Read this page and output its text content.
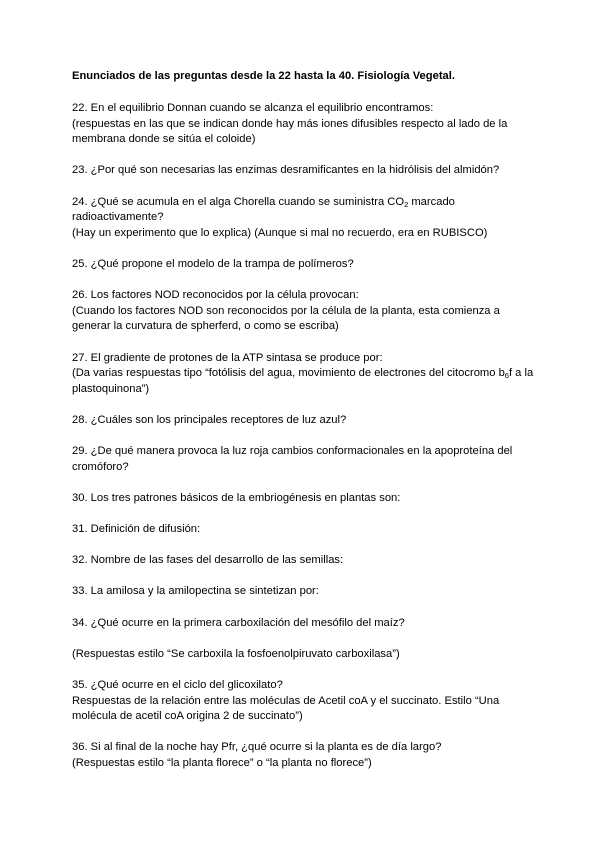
Enunciados de las preguntas desde la 22 hasta la 40. Fisiología Vegetal.

22. En el equilibrio Donnan cuando se alcanza el equilibrio encontramos:

(respuestas en las que se indican donde hay más iones difusibles respecto al lado de la membrana donde se sitúa el coloide)

23. ¿Por qué son necesarias las enzimas desramificantes en la hidrólisis del almidón?

24. ¿Qué se acumula en el alga Chorella cuando se suministra $CO_2$ marcado radioactivamente?

(Hay un experimento que lo explica) (Aunque si mal no recuerdo, era en RUBISCO)

25. ¿Qué propone el modelo de la trampa de polímeros?

26. Los factores NOD reconocidos por la célula provocan:

(Cuando los factores NOD son reconocidos por la célula de la planta, esta comienza a generar la curvatura de spherferd, o como se escriba)

27. El gradiente de protones de la ATP sintasa se produce por:

(Da varias respuestas tipo “fotólisis del agua, movimiento de electrones del citocromo $b_6f$ a la plastoquinona”)

28. ¿Cuáles son los principales receptores de luz azul?

29. ¿De qué manera provoca la luz roja cambios conformacionales en la apoproteína del cromóforo?

30. Los tres patrones básicos de la embriogénesis en plantas son:

31. Definición de difusión:

32. Nombre de las fases del desarrollo de las semillas:

33. La amilosa y la amilopectina se sintetizan por:

34. ¿Qué ocurre en la primera carboxilación del mesófilo del maíz?

(Respuestas estilo “Se carboxila la fosfoenolpiruvato carboxilasa”)

35. ¿Qué ocurre en el ciclo del glicoxilato?

Respuestas de la relación entre las moléculas de Acetil coA y el succinato. Estilo “Una molécula de acetil coA origina 2 de succinato”)

36. Si al final de la noche hay Pfr, ¿qué ocurre si la planta es de día largo?

(Respuestas estilo “la planta florece” o “la planta no florece”)
